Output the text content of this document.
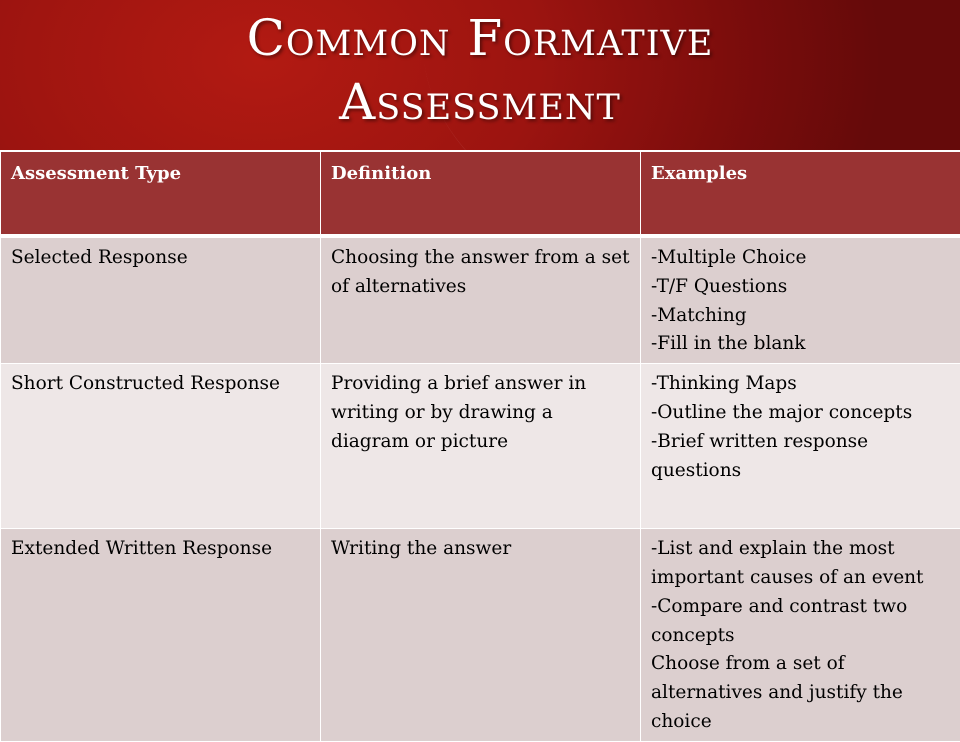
Common Formative
Assessment
Assessment Type	Definition	Examples
Selected Response	Choosing the answer from a set of alternatives	-Multiple Choice
-T/F Questions
-Matching
-Fill in the blank

Short Constructed Response	Providing a brief answer in writing or by drawing a diagram or picture	-Thinking Maps
-Outline the major concepts
-Brief written response questions

Extended Written Response	Writing the answer	-List and explain the most important causes of an event
-Compare and contrast two concepts
Choose from a set of alternatives and justify the choice
